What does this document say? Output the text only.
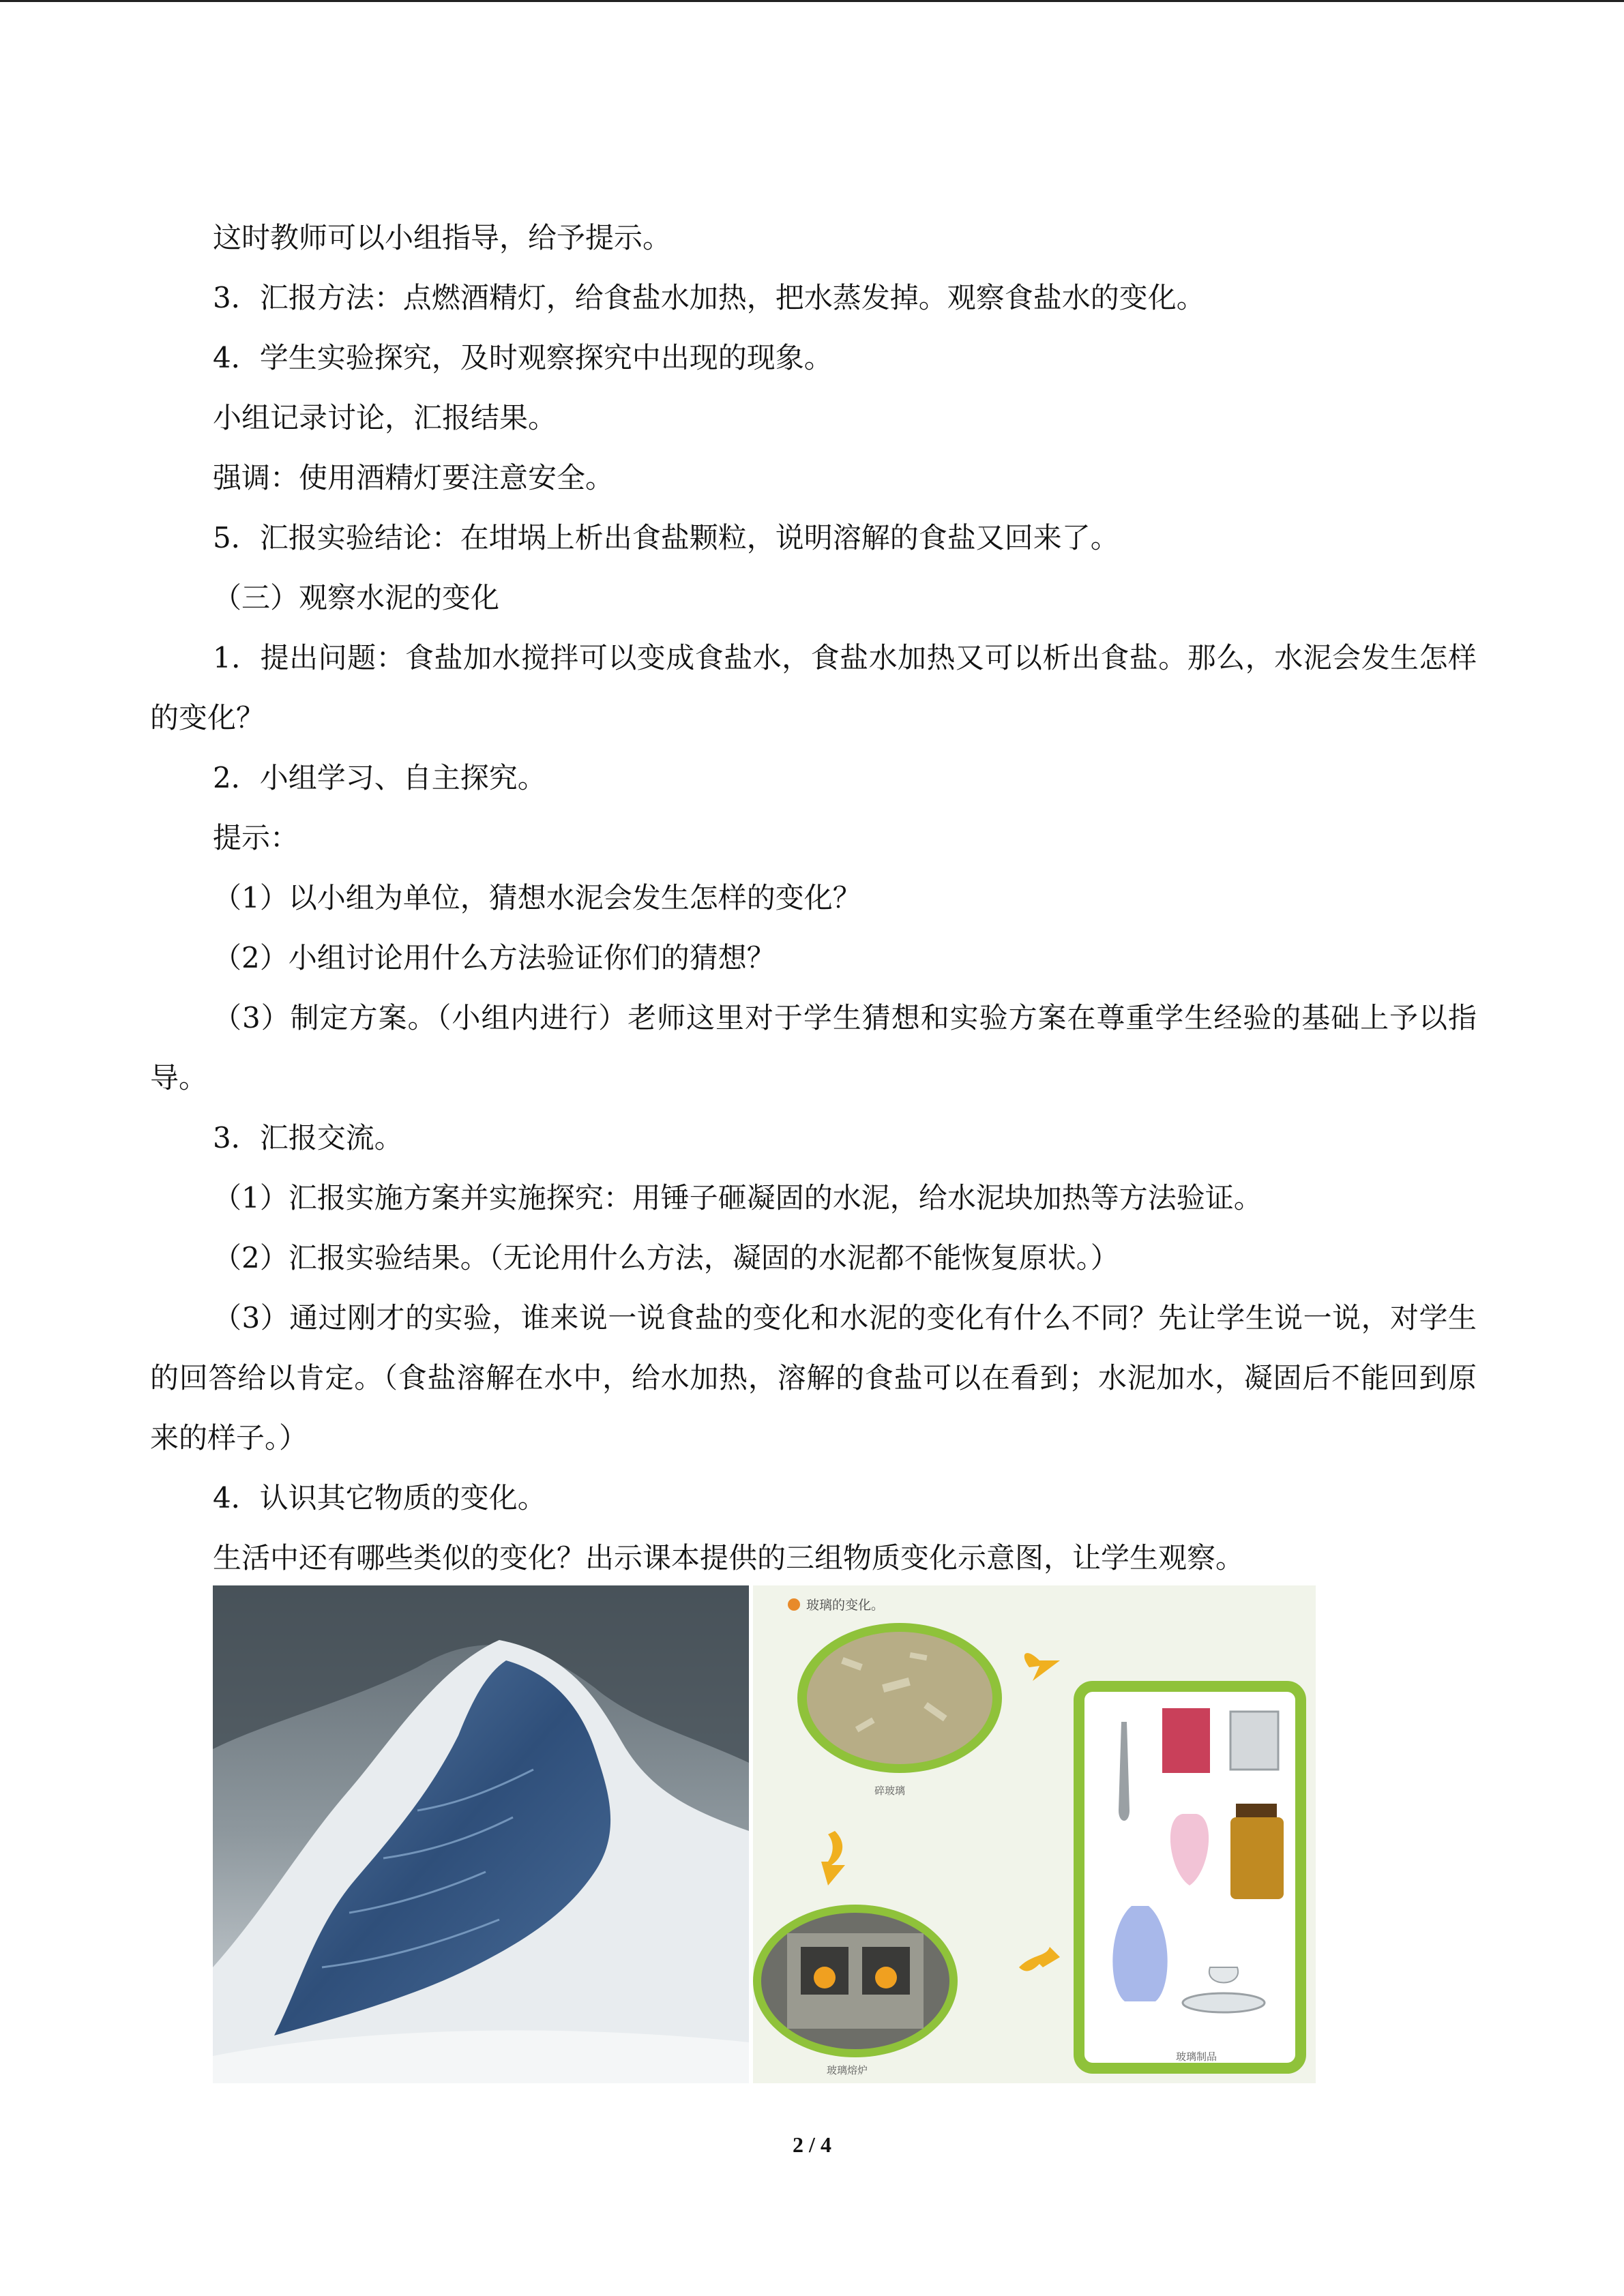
这时教师可以小组指导，给予提示。
3．汇报方法：点燃酒精灯，给食盐水加热，把水蒸发掉。观察食盐水的变化。
4．学生实验探究，及时观察探究中出现的现象。
小组记录讨论，汇报结果。
强调：使用酒精灯要注意安全。
5．汇报实验结论：在坩埚上析出食盐颗粒，说明溶解的食盐又回来了。
（三）观察水泥的变化
1．提出问题：食盐加水搅拌可以变成食盐水，食盐水加热又可以析出食盐。那么，水泥会发生怎样的变化？
2．小组学习、自主探究。
提示：
（1）以小组为单位，猜想水泥会发生怎样的变化？
（2）小组讨论用什么方法验证你们的猜想？
（3）制定方案。（小组内进行）老师这里对于学生猜想和实验方案在尊重学生经验的基础上予以指导。
3．汇报交流。
（1）汇报实施方案并实施探究：用锤子砸凝固的水泥，给水泥块加热等方法验证。
（2）汇报实验结果。（无论用什么方法，凝固的水泥都不能恢复原状。）
（3）通过刚才的实验，谁来说一说食盐的变化和水泥的变化有什么不同？先让学生说一说，对学生的回答给以肯定。（食盐溶解在水中，给水加热，溶解的食盐可以在看到；水泥加水，凝固后不能回到原来的样子。）
4．认识其它物质的变化。
生活中还有哪些类似的变化？出示课本提供的三组物质变化示意图，让学生观察。
玻璃的变化。
碎玻璃
玻璃熔炉
玻璃制品
2 / 4
